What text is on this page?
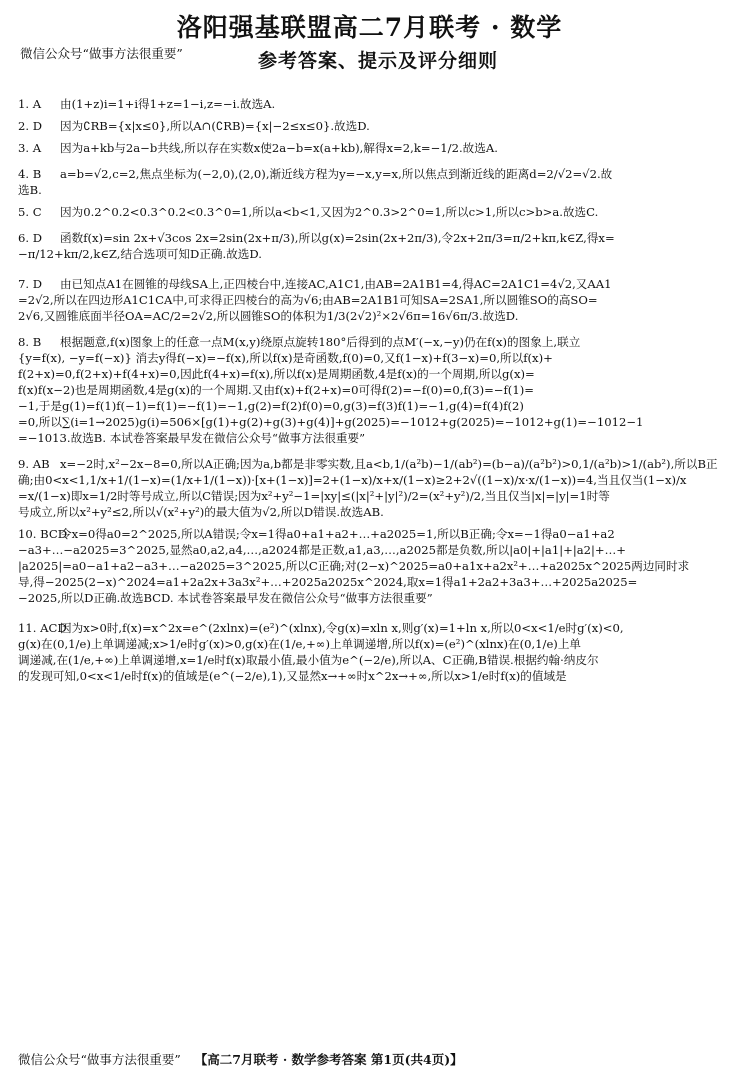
洛阳强基联盟高二7月联考 · 数学
微信公众号“做事方法很重要”	参考答案、提示及评分细则
1. A	由(1+z)i=1+i得1+z=1−i,z=−i.故选A.
2. D	因为∁RB={x|x≤0},所以A∩(∁RB)={x|−2≤x≤0}.故选D.
3. A	因为a+kb与2a−b共线,所以存在实数x使2a−b=x(a+kb),解得x=2,k=−1/2.故选A.
4. B	a=b=√2,c=2,焦点坐标为(−2,0),(2,0),渐近线方程为y=−x,y=x,所以焦点到渐近线的距离d=2/√2=√2.故
选B.
5. C	因为0.2^0.2<0.3^0.2<0.3^0=1,所以a<b<1,又因为2^0.3>2^0=1,所以c>1,所以c>b>a.故选C.
6. D	函数f(x)=sin 2x+√3cos 2x=2sin(2x+π/3),所以g(x)=2sin(2x+2π/3),令2x+2π/3=π/2+kπ,k∈Z,得x=
−π/12+kπ/2,k∈Z,结合选项可知D正确.故选D.
7. D	由已知点A1在圆锥的母线SA上,正四棱台中,连接AC,A1C1,由AB=2A1B1=4,得AC=2A1C1=4√2,又AA1
=2√2,所以在四边形A1C1CA中,可求得正四棱台的高为√6;由AB=2A1B1可知SA=2SA1,所以圆锥SO的高SO=
2√6,又圆锥底面半径OA=AC/2=2√2,所以圆锥SO的体积为1/3(2√2)²×2√6π=16√6π/3.故选D.
8. B	根据题意,f(x)图象上的任意一点M(x,y)绕原点旋转180°后得到的点M′(−x,−y)仍在f(x)的图象上,联立
{y=f(x), −y=f(−x)} 消去y得f(−x)=−f(x),所以f(x)是奇函数,f(0)=0,又f(1−x)+f(3−x)=0,所以f(x)+
f(2+x)=0,f(2+x)+f(4+x)=0,因此f(4+x)=f(x),所以f(x)是周期函数,4是f(x)的一个周期,所以g(x)=
f(x)f(x−2)也是周期函数,4是g(x)的一个周期.又由f(x)+f(2+x)=0可得f(2)=−f(0)=0,f(3)=−f(1)=
−1,于是g(1)=f(1)f(−1)=f(1)=−f(1)=−1,g(2)=f(2)f(0)=0,g(3)=f(3)f(1)=−1,g(4)=f(4)f(2)
=0,所以∑(i=1→2025)g(i)=506×[g(1)+g(2)+g(3)+g(4)]+g(2025)=−1012+g(2025)=−1012+g(1)=−1012−1
=−1013.故选B. 本试卷答案最早发在微信公众号“做事方法很重要”
9. AB x=−2时,x²−2x−8=0,所以A正确;因为a,b都是非零实数,且a<b,1/(a²b)−1/(ab²)=(b−a)/(a²b²)>0,1/(a²b)>1/(ab²),所以B正
确;由0<x<1,1/x+1/(1−x)=(1/x+1/(1−x))·[x+(1−x)]=2+(1−x)/x+x/(1−x)≥2+2√((1−x)/x·x/(1−x))=4,当且仅当(1−x)/x
=x/(1−x)即x=1/2时等号成立,所以C错误;因为x²+y²−1=|xy|≤(|x|²+|y|²)/2=(x²+y²)/2,当且仅当|x|=|y|=1时等
号成立,所以x²+y²≤2,所以√(x²+y²)的最大值为√2,所以D错误.故选AB.
10. BCD
令x=0得a0=2^2025,所以A错误;令x=1得a0+a1+a2+…+a2025=1,所以B正确;令x=−1得a0−a1+a2
−a3+…−a2025=3^2025,显然a0,a2,a4,…,a2024都是正数,a1,a3,…,a2025都是负数,所以|a0|+|a1|+|a2|+…+
|a2025|=a0−a1+a2−a3+…−a2025=3^2025,所以C正确;对(2−x)^2025=a0+a1x+a2x²+…+a2025x^2025两边同时求
导,得−2025(2−x)^2024=a1+2a2x+3a3x²+…+2025a2025x^2024,取x=1得a1+2a2+3a3+…+2025a2025=
−2025,所以D正确.故选BCD. 本试卷答案最早发在微信公众号“做事方法很重要”
11. ACD
因为x>0时,f(x)=x^2x=e^(2xlnx)=(e²)^(xlnx),令g(x)=xln x,则g′(x)=1+ln x,所以0<x<1/e时g′(x)<0,
g(x)在(0,1/e)上单调递减;x>1/e时g′(x)>0,g(x)在(1/e,+∞)上单调递增,所以f(x)=(e²)^(xlnx)在(0,1/e)上单
调递减,在(1/e,+∞)上单调递增,x=1/e时f(x)取最小值,最小值为e^(−2/e),所以A、C正确,B错误.根据约翰·纳皮尔
的发现可知,0<x<1/e时f(x)的值域是(e^(−2/e),1),又显然x→+∞时x^2x→+∞,所以x>1/e时f(x)的值域是
微信公众号“做事方法很重要” 【高二7月联考 · 数学参考答案 第1页(共4页)】
